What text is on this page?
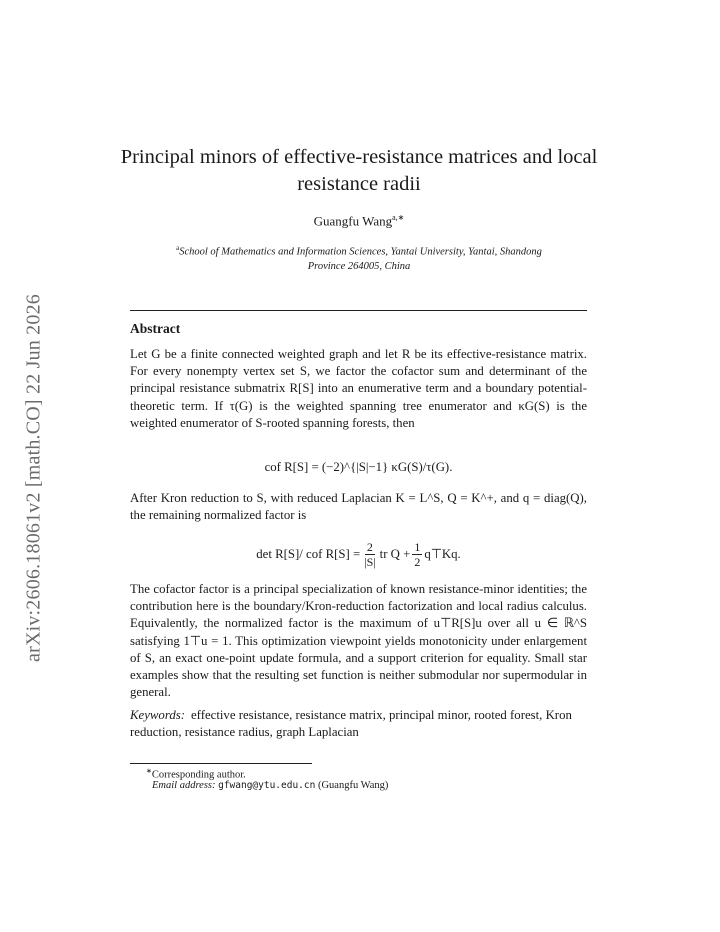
arXiv:2606.18061v2 [math.CO] 22 Jun 2026
Principal minors of effective-resistance matrices and local
resistance radii
Guangfu Wang$^{a,∗}$
$^a$School of Mathematics and Information Sciences, Yantai University, Yantai, Shandong
Province 264005, China
Abstract
Let G be a finite connected weighted graph and let R be its effective-resistance matrix. For every nonempty vertex set S, we factor the cofactor sum and determinant of the principal resistance submatrix R[S] into an enumerative term and a boundary potential-theoretic term. If τ(G) is the weighted spanning tree enumerator and κG(S) is the weighted enumerator of S-rooted spanning forests, then
cof R[S] = (−2)^{|S|−1} κG(S)/τ(G).
After Kron reduction to S, with reduced Laplacian K = L^S, Q = K^+, and q = diag(Q), the remaining normalized factor is
det R[S]/ cof $R[S] = \frac{2}{|S|}$ tr $Q + \frac{1}{2}$ q⊤Kq.
The cofactor factor is a principal specialization of known resistance-minor identities; the contribution here is the boundary/Kron-reduction factorization and local radius calculus. Equivalently, the normalized factor is the maximum of u⊤R[S]u over all u ∈ ℝ^S satisfying 1⊤u = 1. This optimization viewpoint yields monotonicity under enlargement of S, an exact one-point update formula, and a support criterion for equality. Small star examples show that the resulting set function is neither submodular nor supermodular in general.
Keywords: effective resistance, resistance matrix, principal minor, rooted forest, Kron reduction, resistance radius, graph Laplacian
∗Corresponding author.
Email address: gfwang@ytu.edu.cn (Guangfu Wang)
